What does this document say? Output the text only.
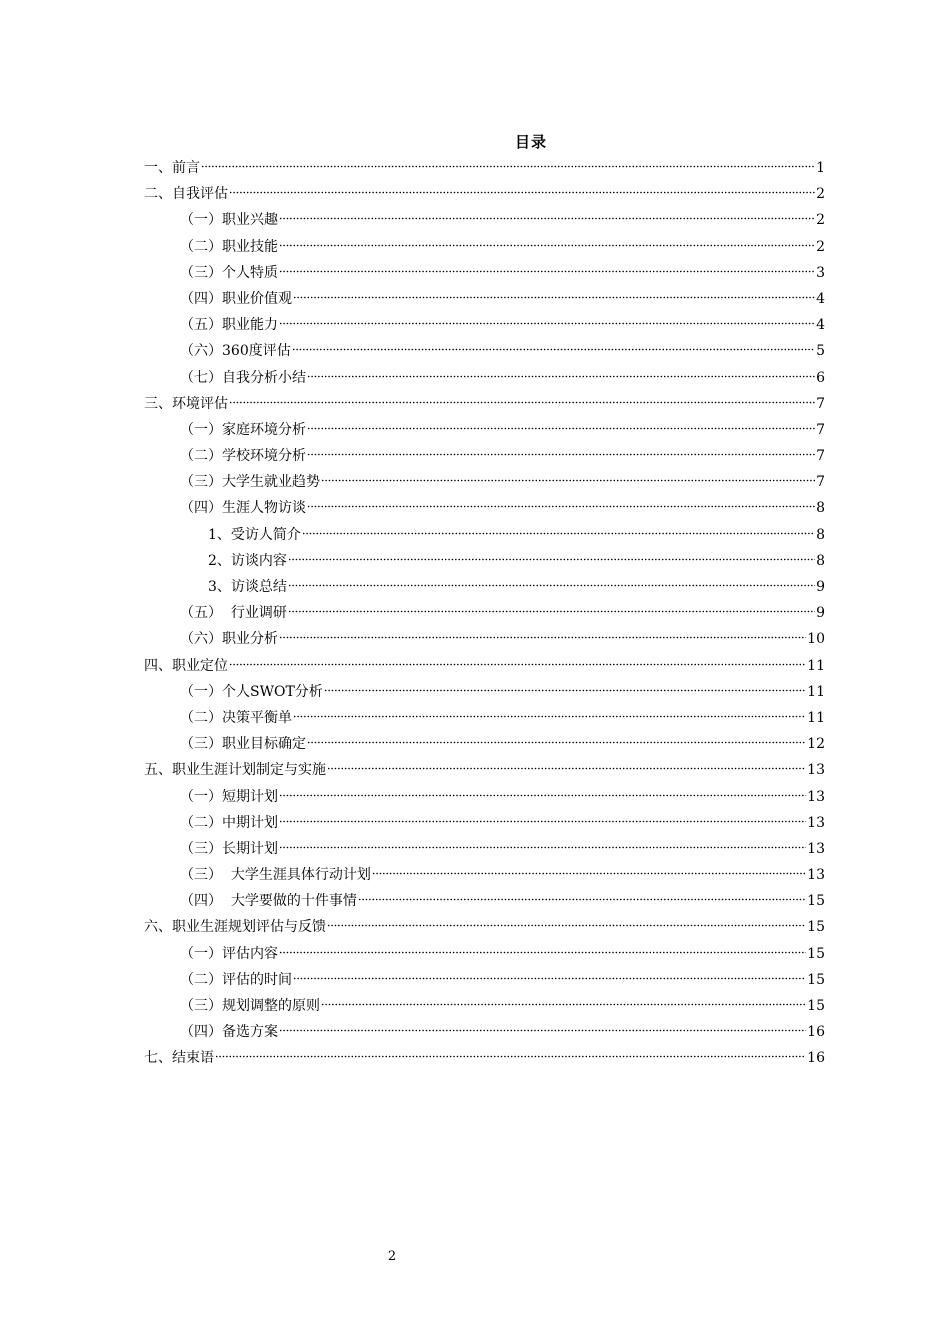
目录
一、前言	1
二、自我评估	2
（一）职业兴趣	2
（二）职业技能	2
（三）个人特质	3
（四）职业价值观	4
（五）职业能力	4
（六）360度评估	5
（七）自我分析小结	6
三、环境评估	7
（一）家庭环境分析	7
（二）学校环境分析	7
（三）大学生就业趋势	7
（四）生涯人物访谈	8
1、受访人简介	8
2、访谈内容	8
3、访谈总结	9
（五）  行业调研	9
（六）职业分析	10
四、职业定位	11
（一）个人SWOT分析	11
（二）决策平衡单	11
（三）职业目标确定	12
五、职业生涯计划制定与实施	13
（一）短期计划	13
（二）中期计划	13
（三）长期计划	13
（三）  大学生涯具体行动计划	13
（四）  大学要做的十件事情	15
六、职业生涯规划评估与反馈	15
（一）评估内容	15
（二）评估的时间	15
（三）规划调整的原则	15
（四）备选方案	16
七、结束语	16
2
